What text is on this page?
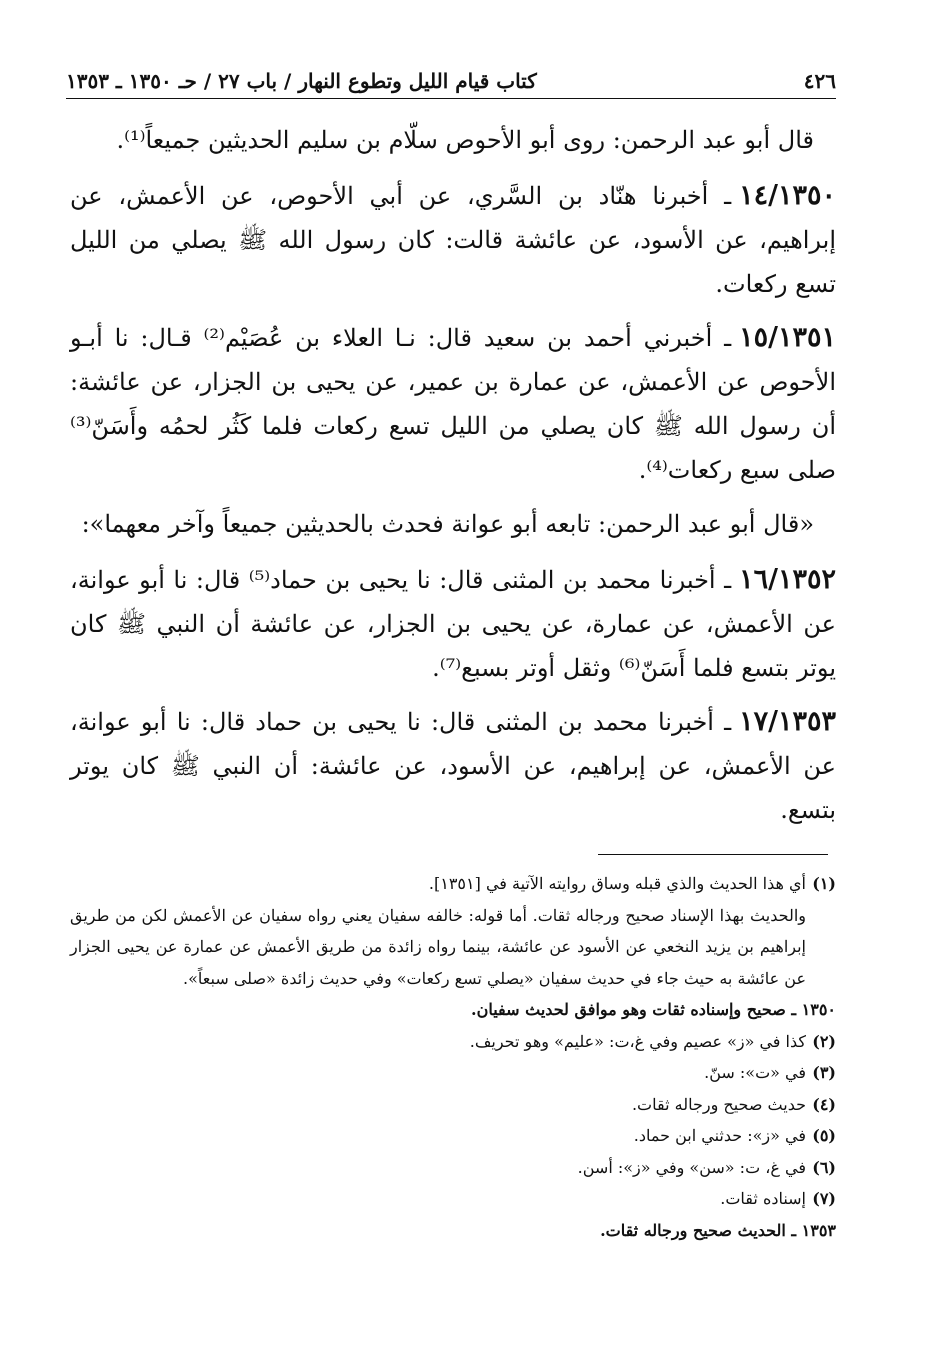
٤٢٦
كتاب قيام الليل وتطوع النهار / باب ٢٧ / حـ ١٣٥٠ ـ ١٣٥٣

قال أبو عبد الرحمن: روى أبو الأحوص سلّام بن سليم الحديثين جميعاً⁽¹⁾.

١٤/١٣٥٠ـ أخبرنا هنّاد بن السَّري، عن أبي الأحوص، عن الأعمش، عن إبراهيم، عن الأسود، عن عائشة قالت: كان رسول الله ﷺ يصلي من الليل تسع ركعات.

١٥/١٣٥١ـ أخبرني أحمد بن سعيد قال: نـا العلاء بن عُصَيْم⁽²⁾ قـال: نا أبـو الأحوص عن الأعمش، عن عمارة بن عمير، عن يحيى بن الجزار، عن عائشة: أن رسول الله ﷺ كان يصلي من الليل تسع ركعات فلما كَثُر لحمُه وأَسَنّ⁽³⁾ صلى سبع ركعات⁽⁴⁾.

«قال أبو عبد الرحمن: تابعه أبو عوانة فحدث بالحديثين جميعاً وآخر معهما»:

١٦/١٣٥٢ـ أخبرنا محمد بن المثنى قال: نا يحيى بن حماد⁽⁵⁾ قال: نا أبو عوانة، عن الأعمش، عن عمارة، عن يحيى بن الجزار، عن عائشة أن النبي ﷺ كان يوتر بتسع فلما أَسَنّ⁽⁶⁾ وثقل أوتر بسبع⁽⁷⁾.

١٧/١٣٥٣ـ أخبرنا محمد بن المثنى قال: نا يحيى بن حماد قال: نا أبو عوانة، عن الأعمش، عن إبراهيم، عن الأسود، عن عائشة: أن النبي ﷺ كان يوتر بتسع.

(١)أي هذا الحديث والذي قبله وساق روايته الآتية في [١٣٥١].

والحديث بهذا الإسناد صحيح ورجاله ثقات. أما قوله: خالفه سفيان يعني رواه سفيان عن الأعمش لكن من طريق إبراهيم بن يزيد النخعي عن الأسود عن عائشة، بينما رواه زائدة من طريق الأعمش عن عمارة عن يحيى الجزار عن عائشة به حيث جاء في حديث سفيان «يصلي تسع ركعات» وفي حديث زائدة «صلى سبعاً».

١٣٥٠ ـ صحيح وإسناده ثقات وهو موافق لحديث سفيان.

(٢)كذا في «ز» عصيم وفي غ،ت: «عليم» وهو تحريف.

(٣)في «ت»: سنّ.

(٤)حديث صحيح ورجاله ثقات.

(٥)في «ز»: حدثني ابن حماد.

(٦)في غ، ت: «سن» وفي «ز»: أسن.

(٧)إسناده ثقات.

١٣٥٣ ـ الحديث صحيح ورجاله ثقات.
